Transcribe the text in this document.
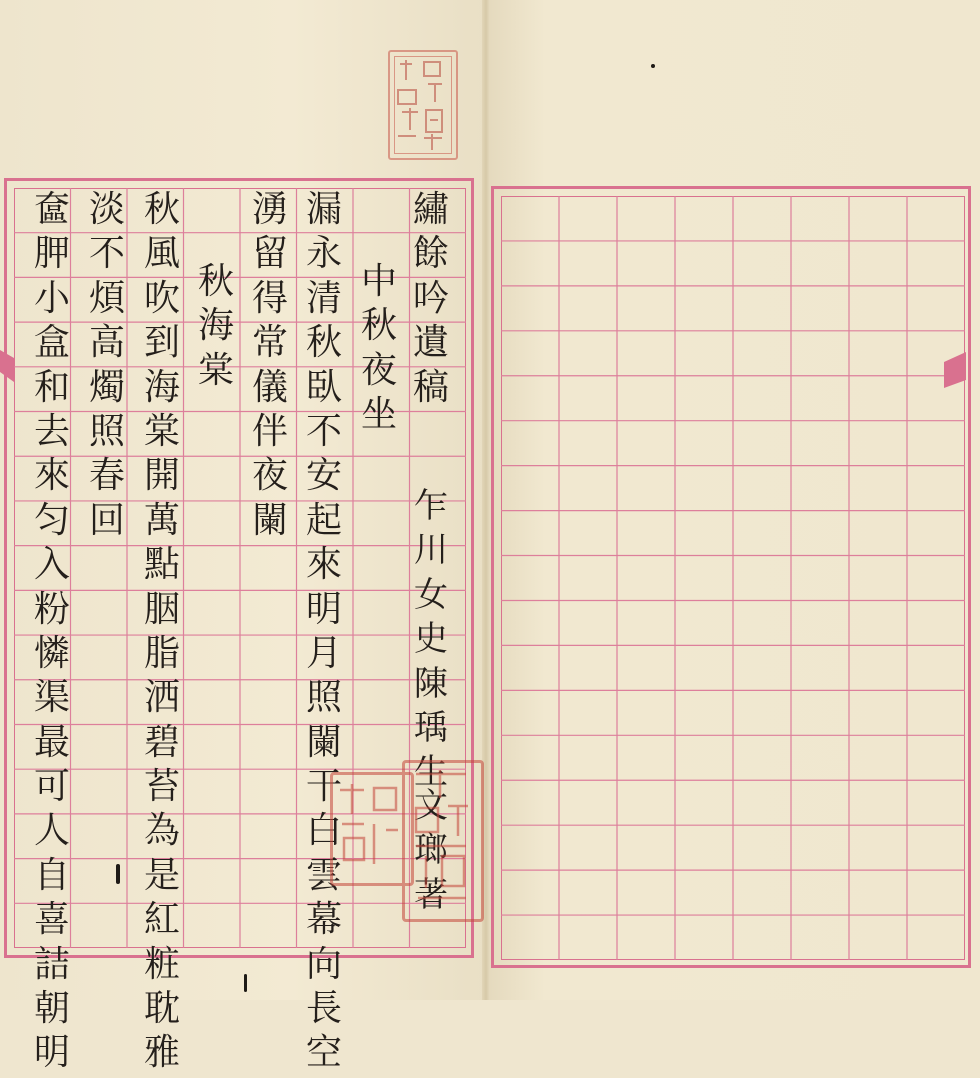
繡
餘
吟
遺
稿
乍
川
女
史
陳
瑀
生
文
瑯
著
中
秋
夜
坐
漏
永
清
秋
臥
不
安
起
來
明
月
照
闌
干
白
雲
幕
向
長
空
湧
留
得
常
儀
伴
夜
闌
秋
海
棠
秋
風
吹
到
海
棠
開
萬
點
胭
脂
洒
碧
苔
為
是
紅
粧
耽
雅
淡
不
煩
高
燭
照
春
回
奩
胛
小
盒
和
去
來
匀
入
粉
憐
渠
最
可
人
自
喜
詰
朝
明
